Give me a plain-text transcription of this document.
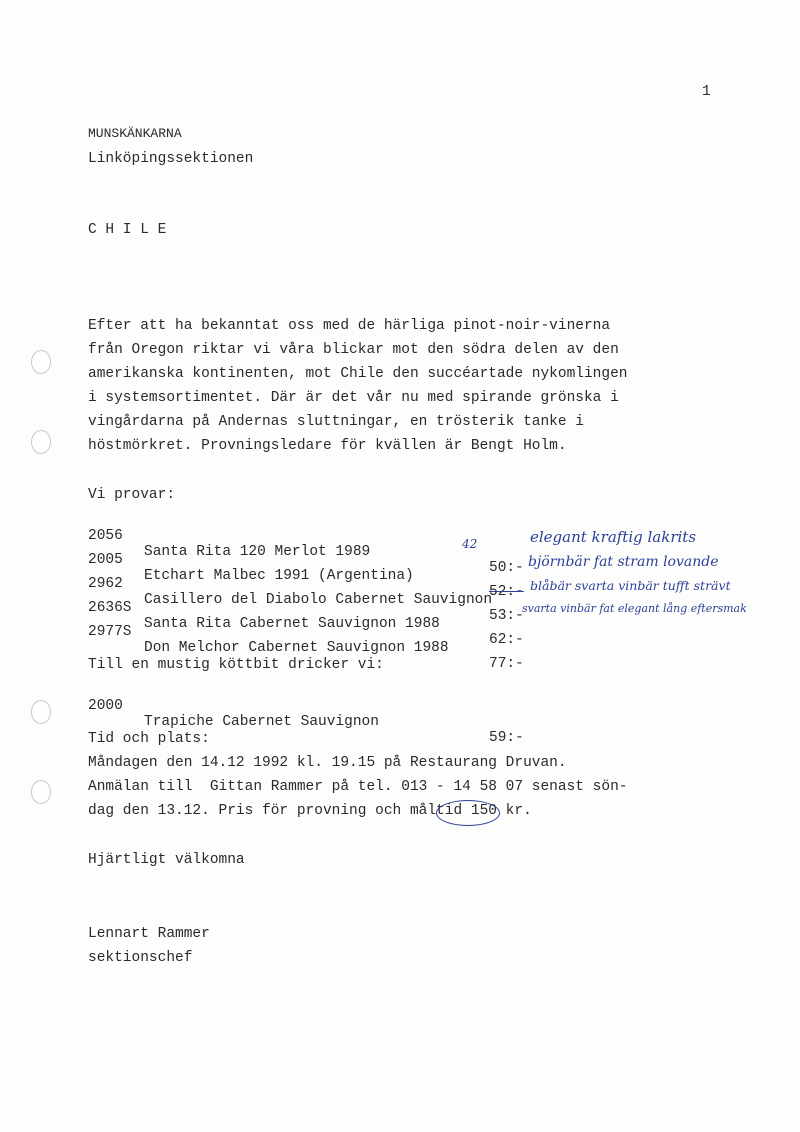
1
MUNSKÄNKARNA
Linköpingssektionen
C H I L E
Efter att ha bekanntat oss med de härliga pinot-noir-vinerna
från Oregon riktar vi våra blickar mot den södra delen av den
amerikanska kontinenten, mot Chile den succéartade nykomlingen
i systemsortimentet. Där är det vår nu med spirande grönska i
vingårdarna på Andernas sluttningar, en trösterik tanke i
höstmörkret. Provningsledare för kvällen är Bengt Holm.
Vi provar:

2056

Santa Rita 120 Merlot 1989

50:-

2005

Etchart Malbec 1991 (Argentina)

52:-

2962

Casillero del Diabolo Cabernet Sauvignon

53:-

2636S

Santa Rita Cabernet Sauvignon 1988

62:-

2977S

Don Melchor Cabernet Sauvignon 1988

77:-

42	elegant kraftig lakrits
björnbär fat stram lovande
blåbär svarta vinbär tufft strävt
svarta vinbär fat elegant lång eftersmak
Till en mustig köttbit dricker vi:

2000

Trapiche Cabernet Sauvignon

59:-

Tid och plats:
Måndagen den 14.12 1992 kl. 19.15 på Restaurang Druvan.
Anmälan till  Gittan Rammer på tel. 013 - 14 58 07 senast sön-
dag den 13.12. Pris för provning och måltid 150 kr.
Hjärtligt välkomna
Lennart Rammer
sektionschef
